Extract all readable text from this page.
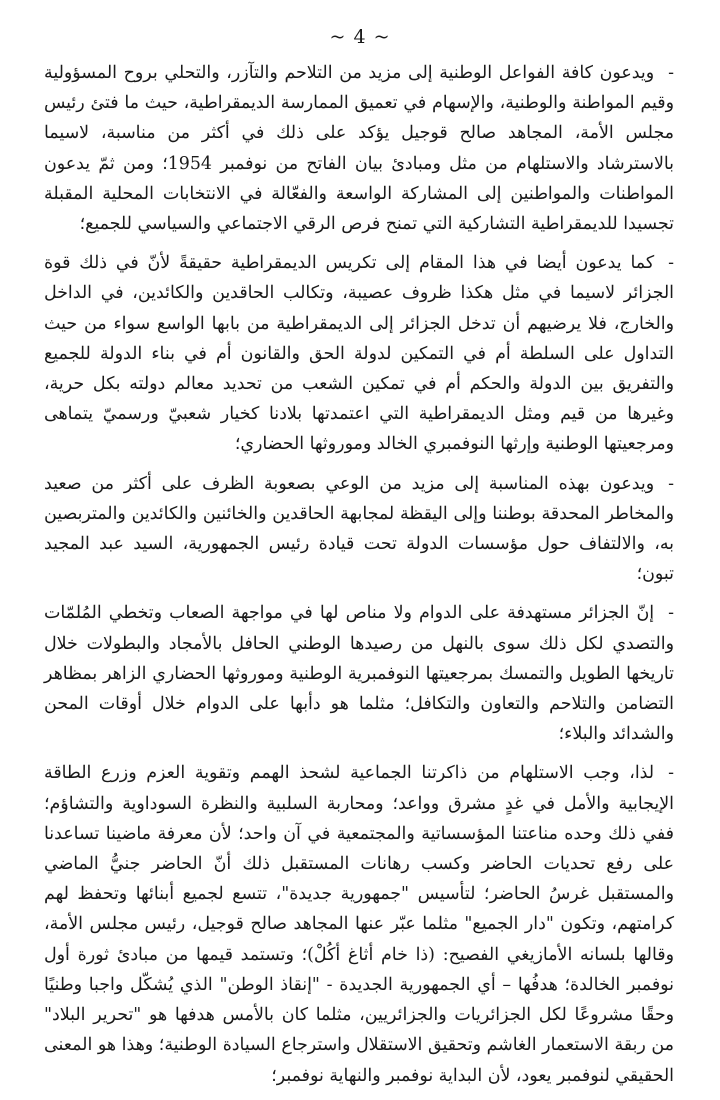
~ 4 ~

-ويدعون كافة الفواعل الوطنية إلى مزيد من التلاحم والتآزر، والتحلي بروح المسؤولية وقيم المواطنة والوطنية، والإسهام في تعميق الممارسة الديمقراطية، حيث ما فتئ رئيس مجلس الأمة، المجاهد صالح قوجيل يؤكد على ذلك في أكثر من مناسبة، لاسيما بالاسترشاد والاستلهام من مثل ومبادئ بيان الفاتح من نوفمبر 1954؛ ومن ثمّ يدعون المواطنات والمواطنين إلى المشاركة الواسعة والفعّالة في الانتخابات المحلية المقبلة تجسيدا للديمقراطية التشاركية التي تمنح فرص الرقي الاجتماعي والسياسي للجميع؛

-كما يدعون أيضا في هذا المقام إلى تكريس الديمقراطية حقيقةً لأنّ في ذلك قوة الجزائر لاسيما في مثل هكذا ظروف عصيبة، وتكالب الحاقدين والكائدين، في الداخل والخارج، فلا يرضيهم أن تدخل الجزائر إلى الديمقراطية من بابها الواسع سواء من حيث التداول على السلطة أم في التمكين لدولة الحق والقانون أم في بناء الدولة للجميع والتفريق بين الدولة والحكم أم في تمكين الشعب من تحديد معالم دولته بكل حرية، وغيرها من قيم ومثل الديمقراطية التي اعتمدتها بلادنا كخيار شعبيّ ورسميّ يتماهى ومرجعيتها الوطنية وإرثها النوفمبري الخالد وموروثها الحضاري؛

-ويدعون بهذه المناسبة إلى مزيد من الوعي بصعوبة الظرف على أكثر من صعيد والمخاطر المحدقة بوطننا وإلى اليقظة لمجابهة الحاقدين والخائنين والكائدين والمتربصين به، والالتفاف حول مؤسسات الدولة تحت قيادة رئيس الجمهورية، السيد عبد المجيد تبون؛

-إنّ الجزائر مستهدفة على الدوام ولا مناص لها في مواجهة الصعاب وتخطي المُلمّات والتصدي لكل ذلك سوى بالنهل من رصيدها الوطني الحافل بالأمجاد والبطولات خلال تاريخها الطويل والتمسك بمرجعيتها النوفمبرية الوطنية وموروثها الحضاري الزاهر بمظاهر التضامن والتلاحم والتعاون والتكافل؛ مثلما هو دأبها على الدوام خلال أوقات المحن والشدائد والبلاء؛

-لذا، وجب الاستلهام من ذاكرتنا الجماعية لشحذ الهمم وتقوية العزم وزرع الطاقة الإيجابية والأمل في غدٍ مشرق وواعد؛ ومحاربة السلبية والنظرة السوداوية والتشاؤم؛ ففي ذلك وحده مناعتنا المؤسساتية والمجتمعية في آن واحد؛ لأن معرفة ماضينا تساعدنا على رفع تحديات الحاضر وكسب رهانات المستقبل ذلك أنّ الحاضر جنيُّ الماضي والمستقبل غرسُ الحاضر؛ لتأسيس "جمهورية جديدة"، تتسع لجميع أبنائها وتحفظ لهم كرامتهم، وتكون "دار الجميع" مثلما عبّر عنها المجاهد صالح قوجيل، رئيس مجلس الأمة، وقالها بلسانه الأمازيغي الفصيح: (ذا خام أثاغ أكُلْ)؛ وتستمد قيمها من مبادئ ثورة أول نوفمبر الخالدة؛ هدفُها – أي الجمهورية الجديدة - "إنقاذ الوطن" الذي يُشكّل واجبا وطنيًا وحقًا مشروعًا لكل الجزائريات والجزائريين، مثلما كان بالأمس هدفها هو "تحرير البلاد" من ربقة الاستعمار الغاشم وتحقيق الاستقلال واسترجاع السيادة الوطنية؛ وهذا هو المعنى الحقيقي لنوفمبر يعود، لأن البداية نوفمبر والنهاية نوفمبر؛
